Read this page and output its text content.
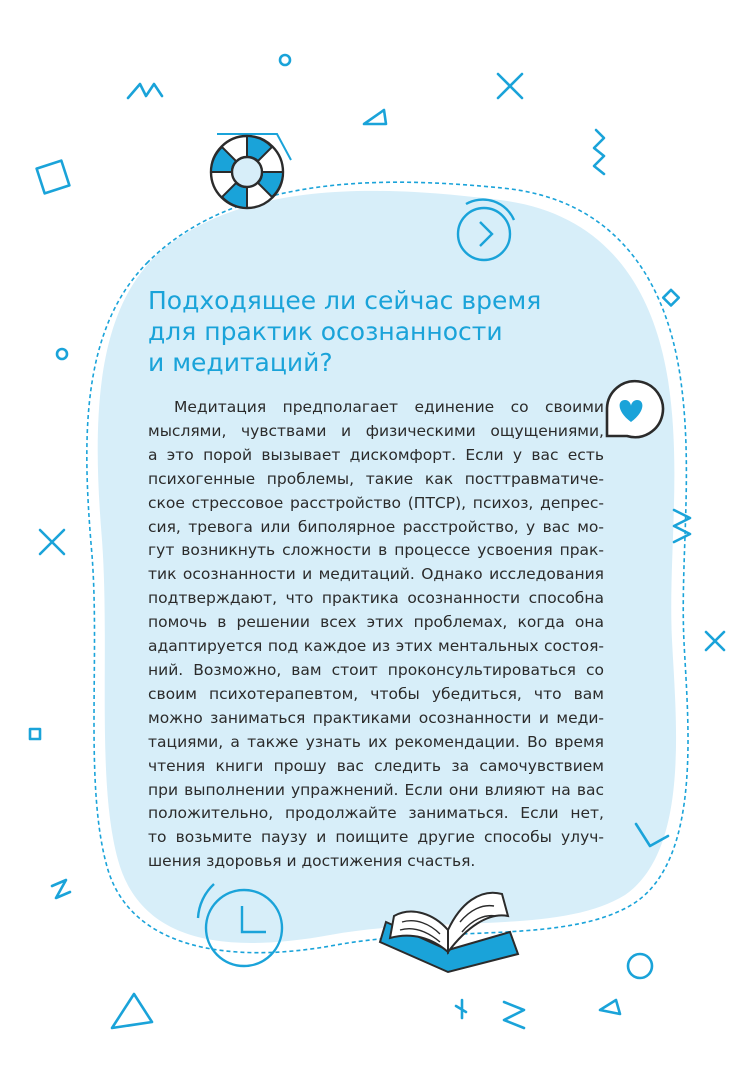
Подходящее ли сейчас время
для практик осознанности
и медитаций?
Медитация предполагает единение со своими
мыслями, чувствами и физическими ощущениями,
а это порой вызывает дискомфорт. Если у вас есть
психогенные проблемы, такие как посттравматиче-
ское стрессовое расстройство (ПТСР), психоз, депрес-
сия, тревога или биполярное расстройство, у вас мо-
гут возникнуть сложности в процессе усвоения прак-
тик осознанности и медитаций. Однако исследования
подтверждают, что практика осознанности способна
помочь в решении всех этих проблемах, когда она
адаптируется под каждое из этих ментальных состоя-
ний. Возможно, вам стоит проконсультироваться со
своим психотерапевтом, чтобы убедиться, что вам
можно заниматься практиками осознанности и меди-
тациями, а также узнать их рекомендации. Во время
чтения книги прошу вас следить за самочувствием
при выполнении упражнений. Если они влияют на вас
положительно, продолжайте заниматься. Если нет,
то возьмите паузу и поищите другие способы улуч-
шения здоровья и достижения счастья.
